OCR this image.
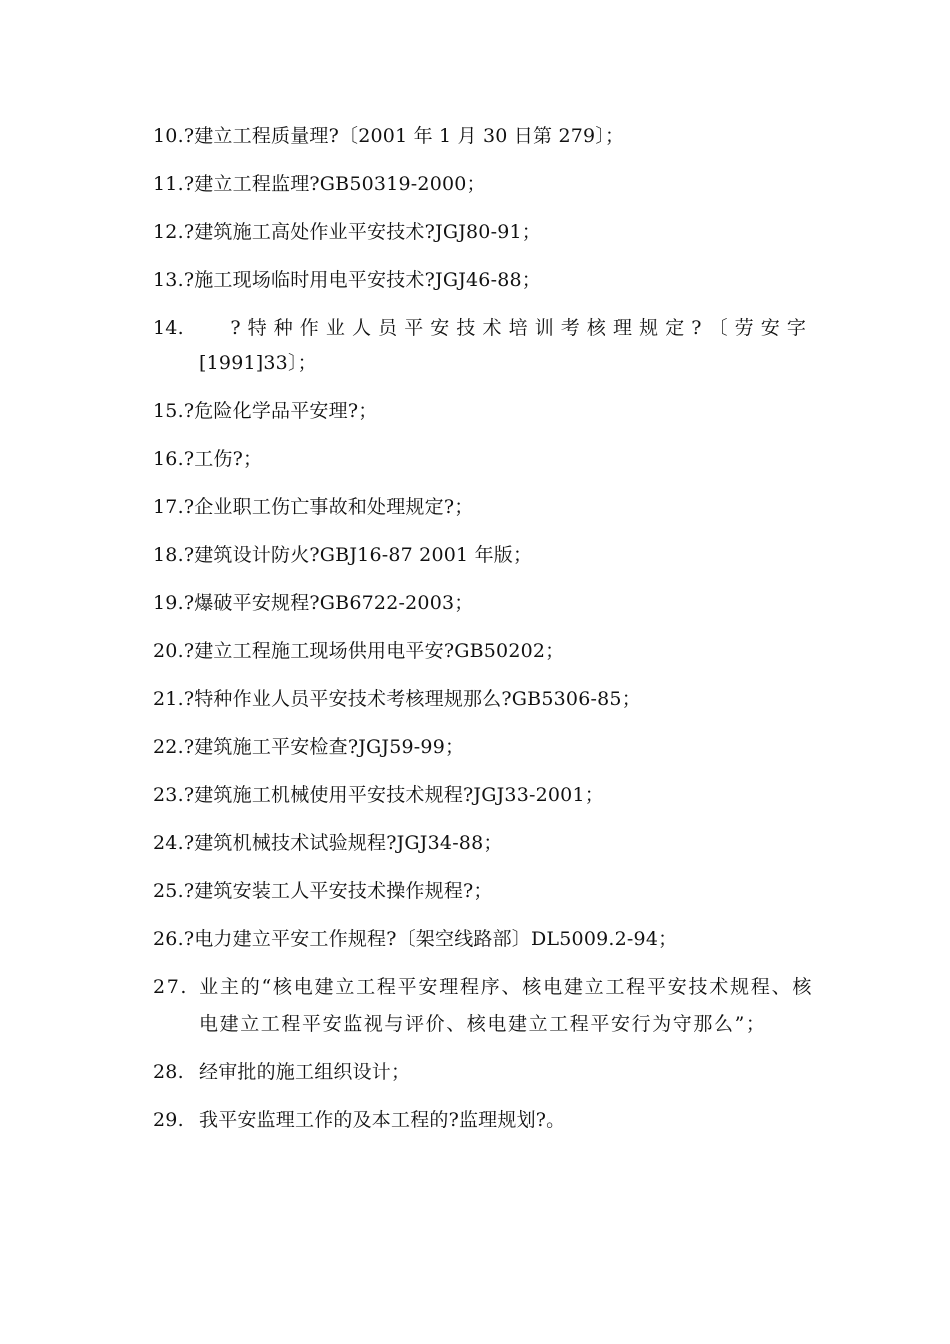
10. ?建立工程质量理?〔2001 年 1 月 30 日第 279〕；
11. ?建立工程监理?GB50319-2000；
12. ?建筑施工高处作业平安技术?JGJ80-91；
13. ?施工现场临时用电平安技术?JGJ46-88；
14. ?特种作业人员平安技术培训考核理规定?〔劳安字
[1991]33〕；
15. ?危险化学品平安理?；
16. ?工伤?；
17. ?企业职工伤亡事故和处理规定?；
18. ?建筑设计防火?GBJ16-87 2001 年版；
19. ?爆破平安规程?GB6722-2003；
20. ?建立工程施工现场供用电平安?GB50202；
21. ?特种作业人员平安技术考核理规那么?GB5306-85；
22. ?建筑施工平安检查?JGJ59-99；
23. ?建筑施工机械使用平安技术规程?JGJ33-2001；
24. ?建筑机械技术试验规程?JGJ34-88；
25. ?建筑安装工人平安技术操作规程?；
26. ?电力建立平安工作规程?〔架空线路部〕DL5009.2-94；
27. 业主的“核电建立工程平安理程序、核电建立工程平安技术规程、核电建立工程平安监视与评价、核电建立工程平安行为守那么”；
28. 经审批的施工组织设计；
29. 我平安监理工作的及本工程的?监理规划?。
